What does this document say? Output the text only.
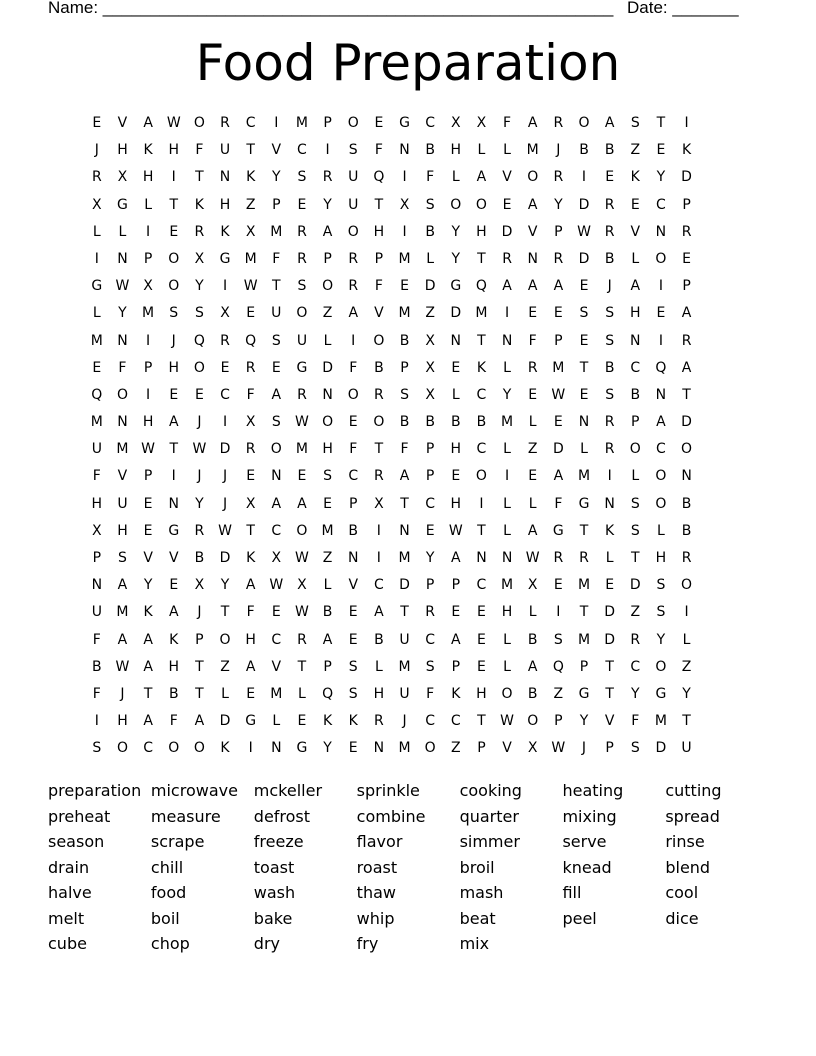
Name: ______________________________________________________ Date: _______
Food Preparation
E	V	A W O	R	C	I	M	P	O	E	G	C	X	X	F	A	R	O	A	S	T	I
J	H	K	H	F	U	T	V	C	I	S	F	N	B	H	L	L	M	J	B	B	Z	E	K
R	X	H	I	T	N	K	Y	S	R	U	Q	I	F	L	A	V	O	R	I	E	K	Y	D
X	G	L	T	K	H	Z	P	E	Y	U	T	X	S	O	O	E	A	Y	D	R	E	C	P
L	L	I	E	R	K	X	M	R	A	O	H	I	B	Y	H	D	V	P	W R	V	N	R
I	N	P	O	X	G	M	F	R	P	R	P	M	L	Y	T	R	N	R	D	B	L	O	E
G W X	O	Y	I	W	T	S	O	R	F	E	D	G	Q	A	A	A	E	J	A	I	P
L	Y	M	S	S	X	E	U	O	Z	A	V	M	Z	D	M	I	E	E	S	S	H	E	A
M	N	I	J	Q	R	Q	S	U	L	I	O	B	X	N	T	N	F	P	E	S	N	I	R
E	F	P	H	O	E	R	E	G	D	F	B	P	X	E	K	L	R	M	T	B	C	Q	A
Q	O	I	E	E	C	F	A	R	N	O	R	S	X	L	C	Y	E	W	E	S	B	N	T
M	N	H	A	J	I	X	S	W O	E	O	B	B	B	B	M	L	E	N	R	P	A	D
U	M W	T	W D	R	O	M	H	F	T	F	P	H	C	L	Z	D	L	R	O	C	O
F	V	P	I	J	J	E	N	E	S	C	R	A	P	E	O	I	E	A	M	I	L	O	N
H	U	E	N	Y	J	X	A	A	E	P	X	T	C	H	I	L	L	F	G	N	S	O	B
X	H	E	G	R W	T	C	O	M	B	I	N	E	W	T	L	A	G	T	K	S	L	B
P	S	V	V	B	D	K	X W Z	N	I	M	Y	A	N	N W R	R	L	T	H	R
N	A	Y	E	X	Y	A W X	L	V	C	D	P	P	C	M	X	E	M	E	D	S	O
U	M	K	A	J	T	F	E	W B	E	A	T	R	E	E	H	L	I	T	D	Z	S	I
F	A	A	K	P	O	H	C	R	A	E	B	U	C	A	E	L	B	S	M	D	R	Y	L
B W A	H	T	Z	A	V	T	P	S	L	M	S	P	E	L	A	Q	P	T	C	O	Z
F	J	T	B	T	L	E	M	L	Q	S	H	U	F	K	H	O	B	Z	G	T	Y	G	Y
I	H	A	F	A	D	G	L	E	K	K	R	J	C	C	T	W O	P	Y	V	F	M	T
S	O	C	O	O	K	I	N	G	Y	E	N	M	O	Z	P	V	X W	J	P	S	D	U
preparation microwave mckeller	sprinkle	cooking	heating	cutting
preheat	measure	defrost	combine	quarter	mixing	spread
season	scrape	freeze	flavor	simmer	serve	rinse
drain	chill	toast	roast	broil	knead	blend
halve	food	wash	thaw	mash	fill	cool
melt	boil	bake	whip	beat	peel	dice
cube	chop	dry	fry	mix
